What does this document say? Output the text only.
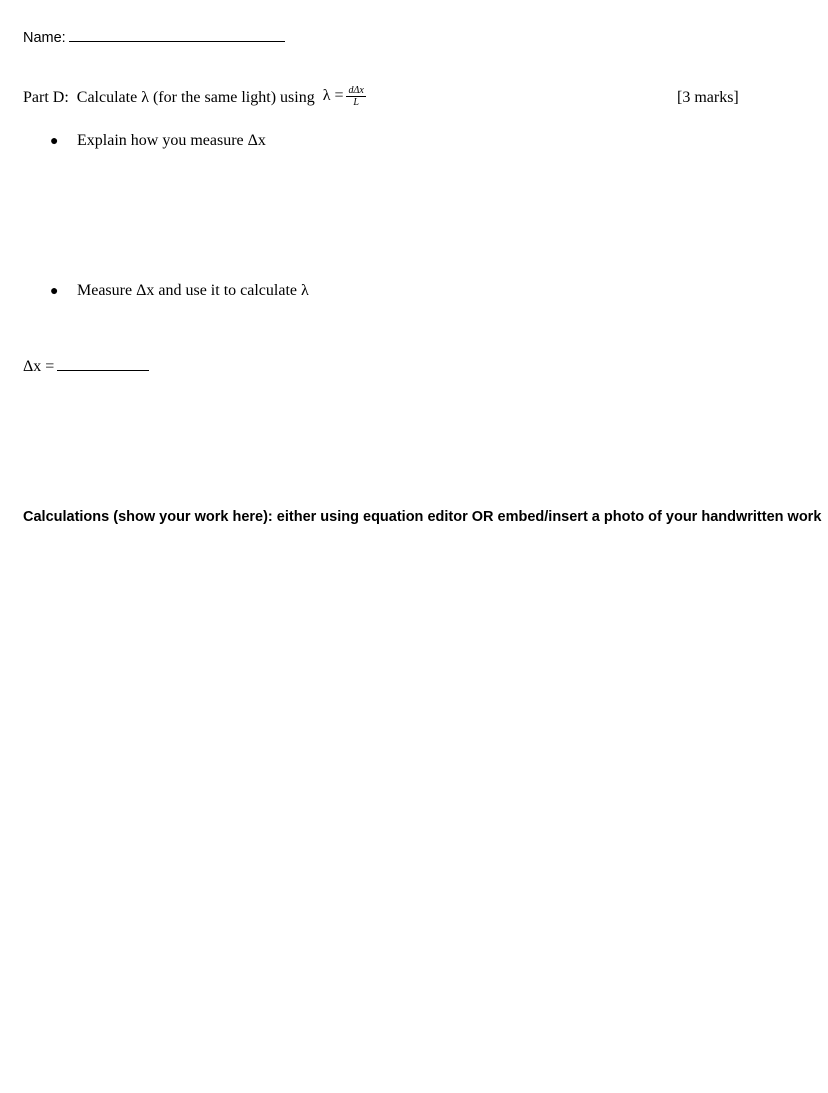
Name:
Part D: Calculate λ (for the same light) using $\lambda = \frac{\text{dΔx}}{L}$	[3 marks]
● Explain how you measure Δx
● Measure Δx and use it to calculate λ
Δx =
Calculations (show your work here): either using equation editor OR embed/insert a photo of your handwritten work
